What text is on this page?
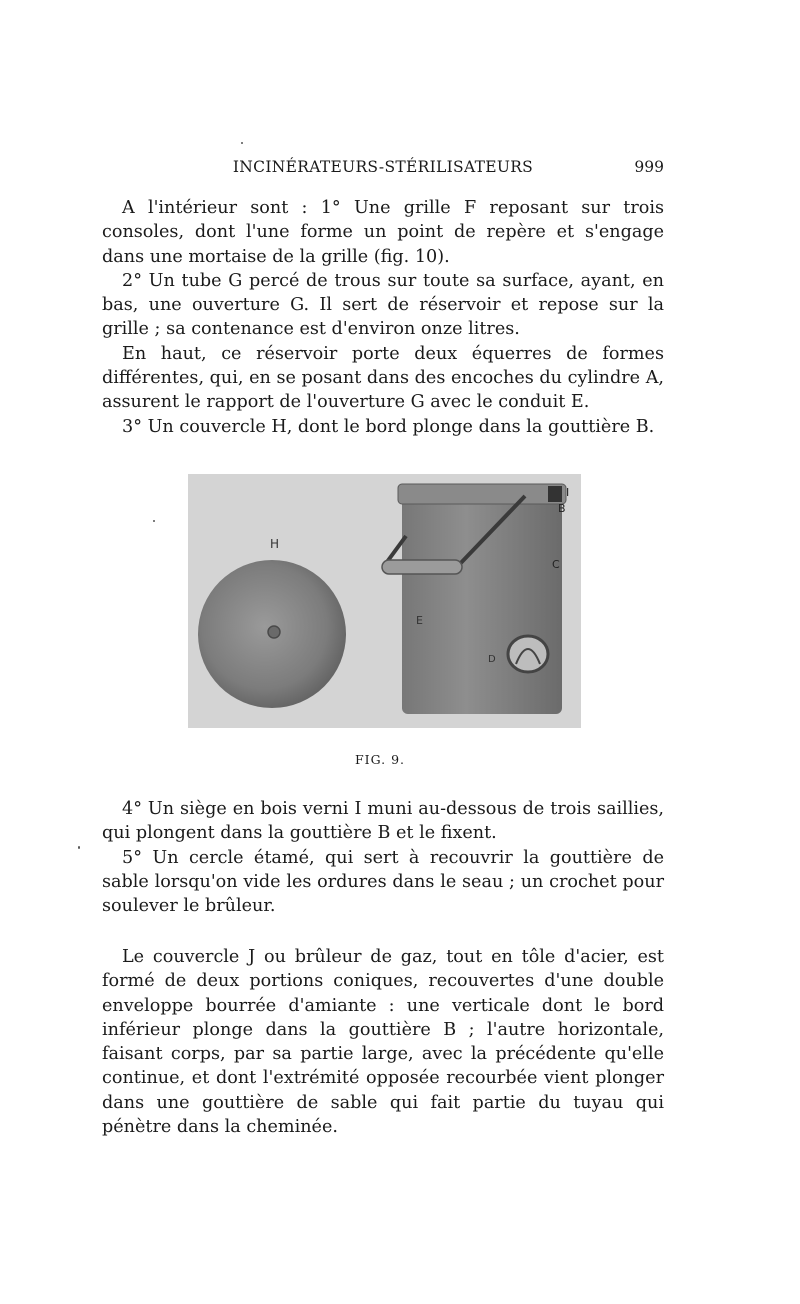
INCINÉRATEURS-STÉRILISATEURS	999

A l'intérieur sont : 1° Une grille F reposant sur trois consoles, dont l'une forme un point de repère et s'engage dans une mortaise de la grille (fig. 10).

2° Un tube G percé de trous sur toute sa surface, ayant, en bas, une ouverture G. Il sert de réservoir et repose sur la grille ; sa contenance est d'environ onze litres.

En haut, ce réservoir porte deux équerres de formes différentes, qui, en se posant dans des encoches du cylindre A, assurent le rapport de l'ouverture G avec le conduit E.

3° Un couvercle H, dont le bord plonge dans la gouttière B.

H
I
B
C
E
D
FIG. 9.

4° Un siège en bois verni I muni au-dessous de trois saillies, qui plongent dans la gouttière B et le fixent.

5° Un cercle étamé, qui sert à recouvrir la gouttière de sable lorsqu'on vide les ordures dans le seau ; un crochet pour soulever le brûleur.

Le couvercle J ou brûleur de gaz, tout en tôle d'acier, est formé de deux portions coniques, recouvertes d'une double enveloppe bourrée d'amiante : une verticale dont le bord inférieur plonge dans la gouttière B ; l'autre horizontale, faisant corps, par sa partie large, avec la précédente qu'elle continue, et dont l'extrémité opposée recourbée vient plonger dans une gouttière de sable qui fait partie du tuyau qui pénètre dans la cheminée.
